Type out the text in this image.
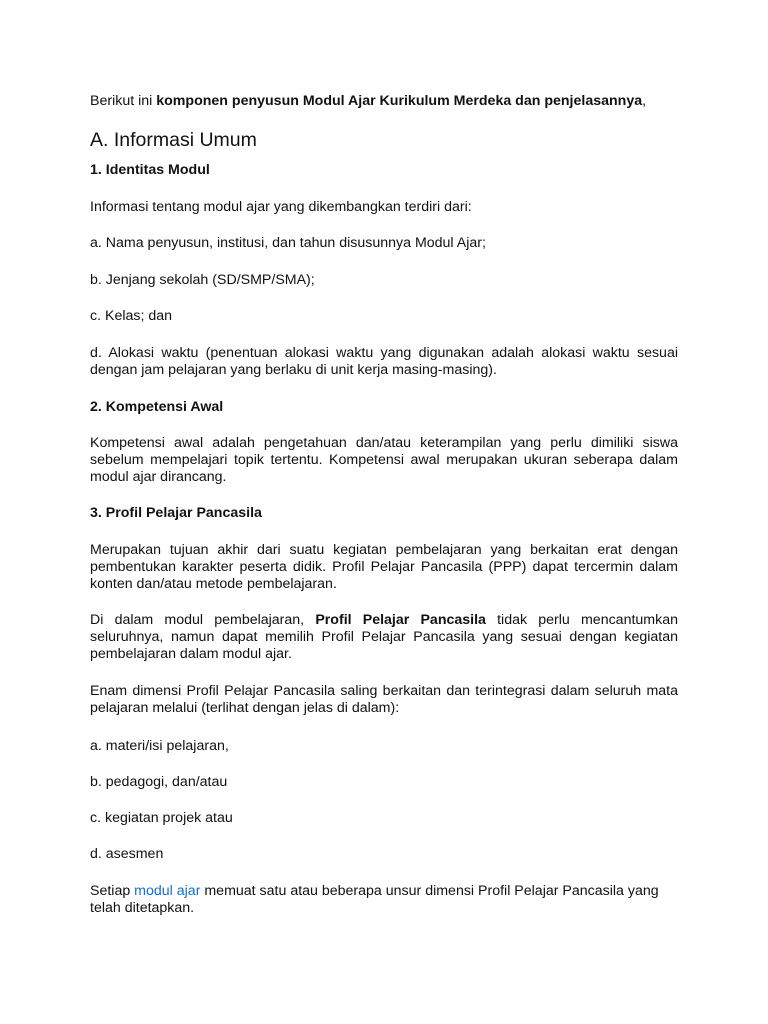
Berikut ini komponen penyusun Modul Ajar Kurikulum Merdeka dan penjelasannya,

A. Informasi Umum
1. Identitas Modul

Informasi tentang modul ajar yang dikembangkan terdiri dari:

a. Nama penyusun, institusi, dan tahun disusunnya Modul Ajar;

b. Jenjang sekolah (SD/SMP/SMA);

c. Kelas; dan

d. Alokasi waktu (penentuan alokasi waktu yang digunakan adalah alokasi waktu sesuai dengan jam pelajaran yang berlaku di unit kerja masing-masing).

2. Kompetensi Awal

Kompetensi awal adalah pengetahuan dan/atau keterampilan yang perlu dimiliki siswa sebelum mempelajari topik tertentu. Kompetensi awal merupakan ukuran seberapa dalam modul ajar dirancang.

3. Profil Pelajar Pancasila

Merupakan tujuan akhir dari suatu kegiatan pembelajaran yang berkaitan erat dengan pembentukan karakter peserta didik. Profil Pelajar Pancasila (PPP) dapat tercermin dalam konten dan/atau metode pembelajaran.

Di dalam modul pembelajaran, Profil Pelajar Pancasila tidak perlu mencantumkan seluruhnya, namun dapat memilih Profil Pelajar Pancasila yang sesuai dengan kegiatan pembelajaran dalam modul ajar.

Enam dimensi Profil Pelajar Pancasila saling berkaitan dan terintegrasi dalam seluruh mata pelajaran melalui (terlihat dengan jelas di dalam):

a. materi/isi pelajaran,

b. pedagogi, dan/atau

c. kegiatan projek atau

d. asesmen

Setiap modul ajar memuat satu atau beberapa unsur dimensi Profil Pelajar Pancasila yang telah ditetapkan.
